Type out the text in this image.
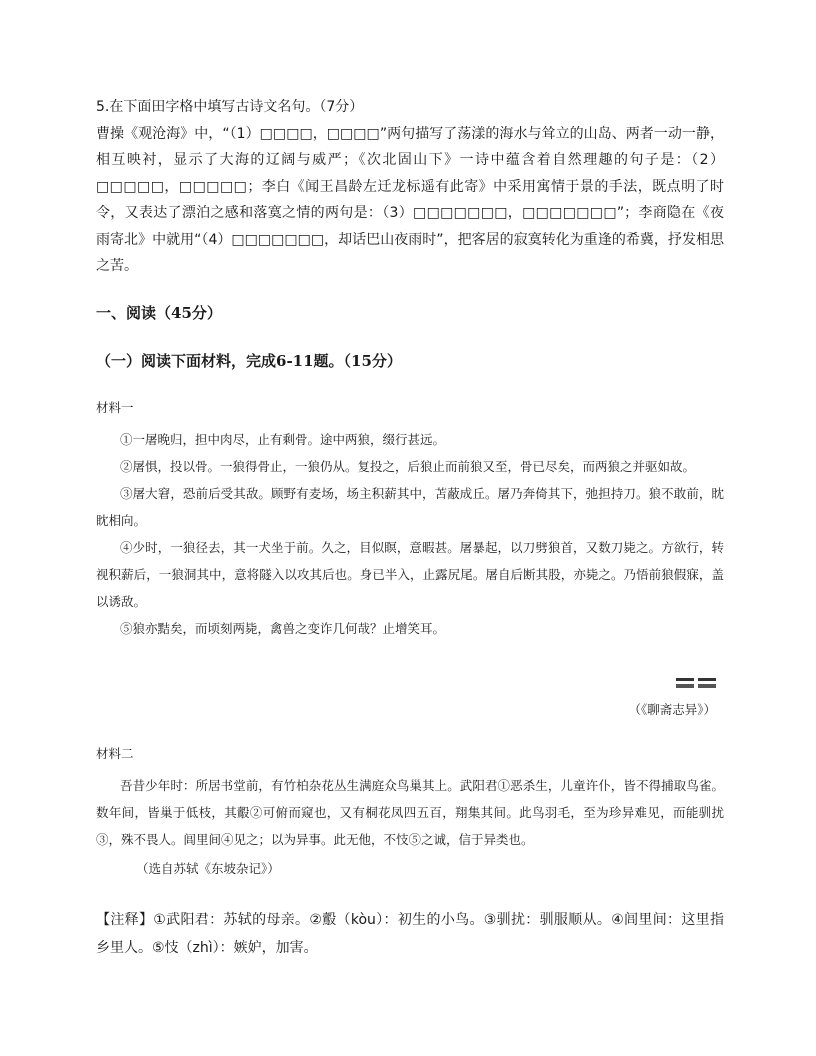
5.在下面田字格中填写古诗文名句。（7分）

曹操《观沧海》中，“（1）□□□□，□□□□”两句描写了荡漾的海水与耸立的山岛、两者一动一静，相互映衬，显示了大海的辽阔与威严；《次北固山下》一诗中蕴含着自然理趣的句子是：（2）□□□□□，□□□□□；李白《闻王昌龄左迁龙标遥有此寄》中采用寓情于景的手法，既点明了时令，又表达了漂泊之感和落寞之情的两句是：（3）□□□□□□□，□□□□□□□”；李商隐在《夜雨寄北》中就用“（4）□□□□□□□，却话巴山夜雨时”，把客居的寂寞转化为重逢的希冀，抒发相思之苦。

一、阅读（45分）
（一）阅读下面材料，完成6-11题。（15分）

材料一

①一屠晚归，担中肉尽，止有剩骨。途中两狼，缀行甚远。

②屠惧，投以骨。一狼得骨止，一狼仍从。复投之，后狼止而前狼又至，骨已尽矣，而两狼之并驱如故。

③屠大窘，恐前后受其敌。顾野有麦场，场主积薪其中，苫蔽成丘。屠乃奔倚其下，弛担持刀。狼不敢前，眈眈相向。

④少时，一狼径去，其一犬坐于前。久之，目似瞑，意暇甚。屠暴起，以刀劈狼首，又数刀毙之。方欲行，转视积薪后，一狼洞其中，意将隧入以攻其后也。身已半入，止露尻尾。屠自后断其股，亦毙之。乃悟前狼假寐，盖以诱敌。

⑤狼亦黠矣，而顷刻两毙，禽兽之变诈几何哉？止增笑耳。

（《聊斋志异》）

材料二

吾昔少年时：所居书堂前，有竹柏杂花丛生满庭众鸟巢其上。武阳君①恶杀生，儿童许仆，皆不得捕取鸟雀。数年间，皆巢于低枝，其鷇②可俯而窥也，又有桐花凤四五百，翔集其间。此鸟羽毛，至为珍异难见，而能驯扰③，殊不畏人。闾里间④见之；以为异事。此无他，不忮⑤之诚，信于异类也。

（选自苏轼《东坡杂记》）

【注释】①武阳君：苏轼的母亲。②鷇（kòu）：初生的小鸟。③驯扰：驯服顺从。④闾里间：这里指乡里人。⑤忮（zhì）：嫉妒，加害。
